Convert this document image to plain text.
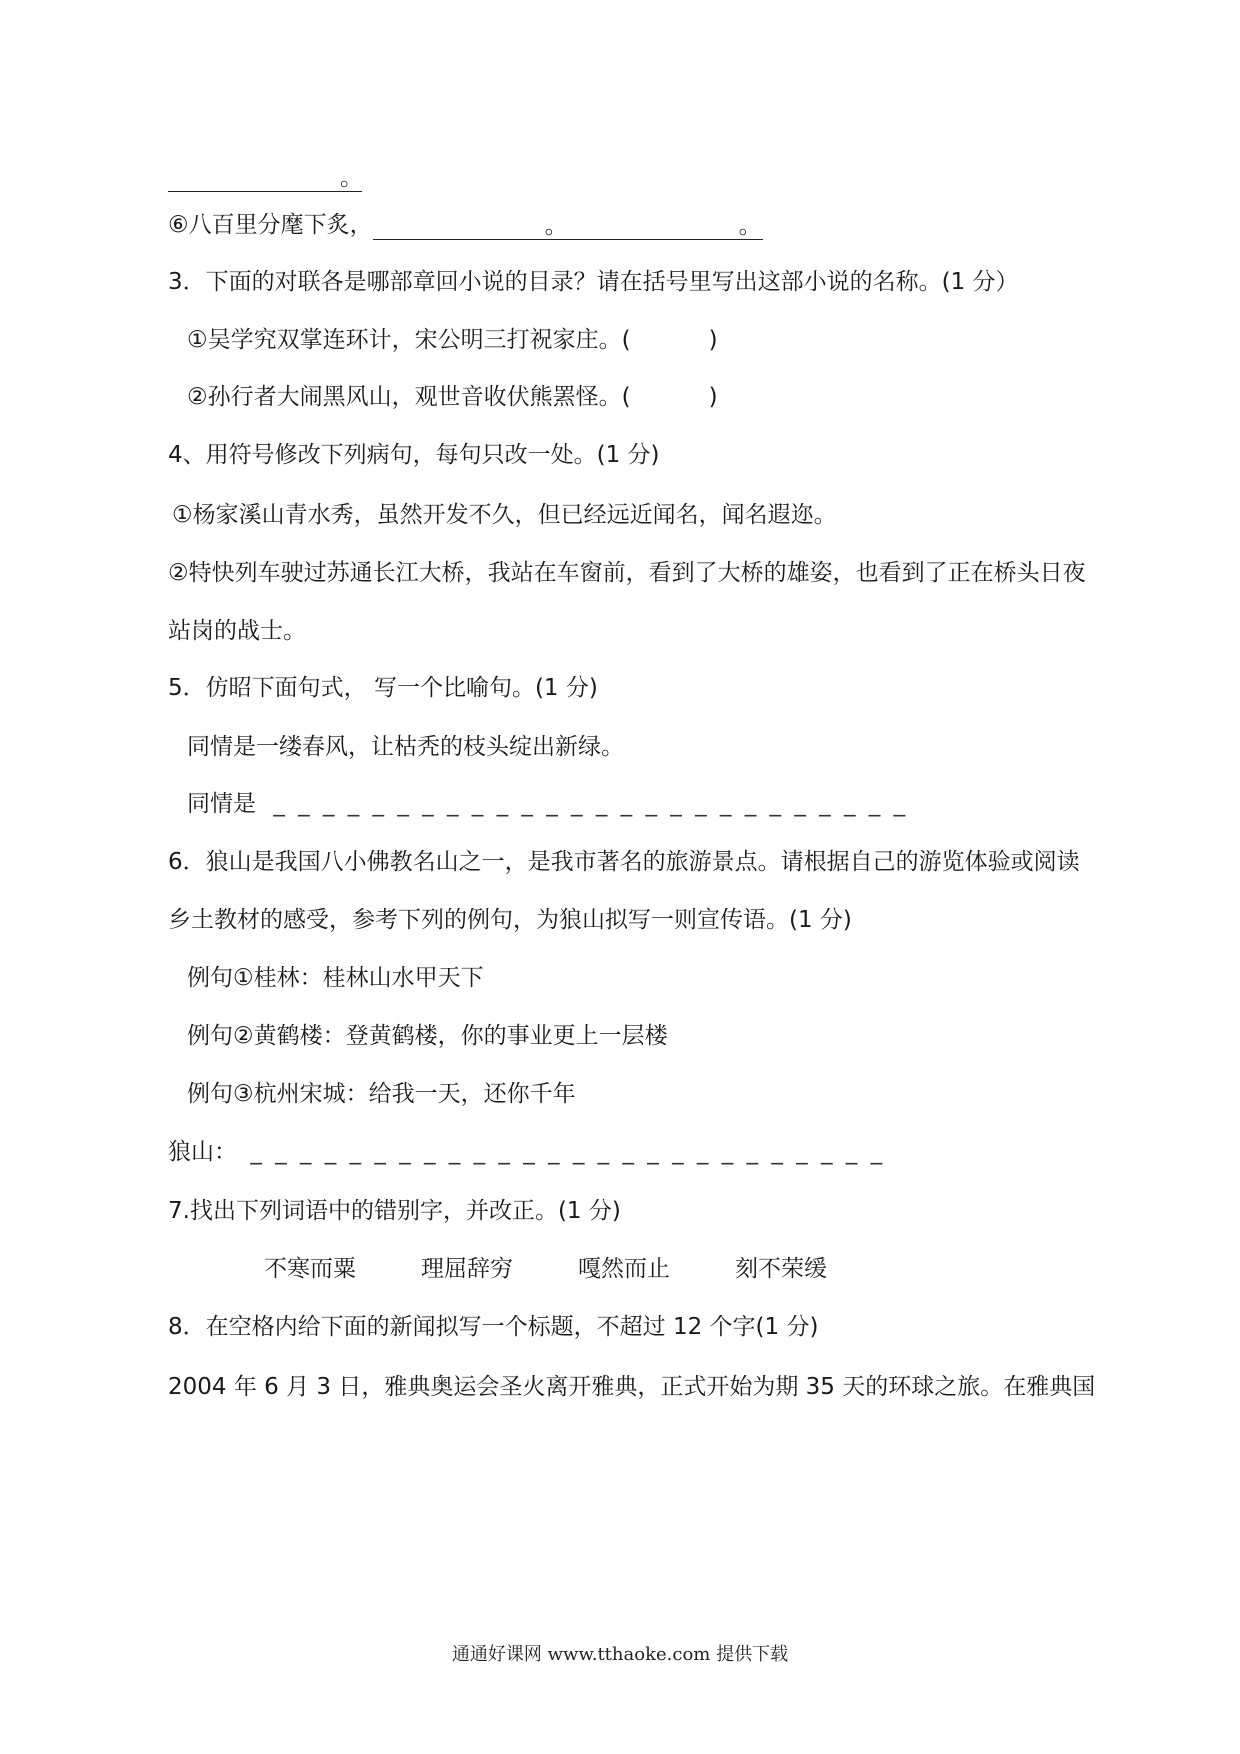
。
⑥八百里分麾下炙，	。	。
3．下面的对联各是哪部章回小说的目录？请在括号里写出这部小说的名称。(1 分）
①吴学究双掌连环计，宋公明三打祝家庄。(	)
②孙行者大闹黑风山，观世音收伏熊罴怪。(	)
4、用符号修改下列病句，每句只改一处。(1 分)
①杨家溪山青水秀，虽然开发不久，但已经远近闻名，闻名遐迩。
②特快列车驶过苏通长江大桥，我站在车窗前，看到了大桥的雄姿，也看到了正在桥头日夜
站岗的战士。
5．仿昭下面句式， 写一个比喻句。(1 分)
同情是一缕春风，让枯秃的枝头绽出新绿。
同情是 _ _ _ _ _ _ _ _ _ _ _ _ _ _ _ _ _ _ _ _ _ _ _ _ _ _
6．狼山是我国八小佛教名山之一，是我市著名的旅游景点。请根据自己的游览体验或阅读
乡土教材的感受，参考下列的例句，为狼山拟写一则宣传语。(1 分)
例句①桂林：桂林山水甲天下
例句②黄鹤楼：登黄鹤楼，你的事业更上一层楼
例句③杭州宋城：给我一天，还你千年
狼山： _ _ _ _ _ _ _ _ _ _ _ _ _ _ _ _ _ _ _ _ _ _ _ _ _ _
7.找出下列词语中的错别字，并改正。(1 分)
不寒而粟	理屈辞穷	嘎然而止	刻不荣缓
8．在空格内给下面的新闻拟写一个标题，不超过 12 个字(1 分)
2004 年 6 月 3 日，雅典奥运会圣火离开雅典，正式开始为期 35 天的环球之旅。在雅典国
通通好课网 www.tthaoke.com 提供下载
